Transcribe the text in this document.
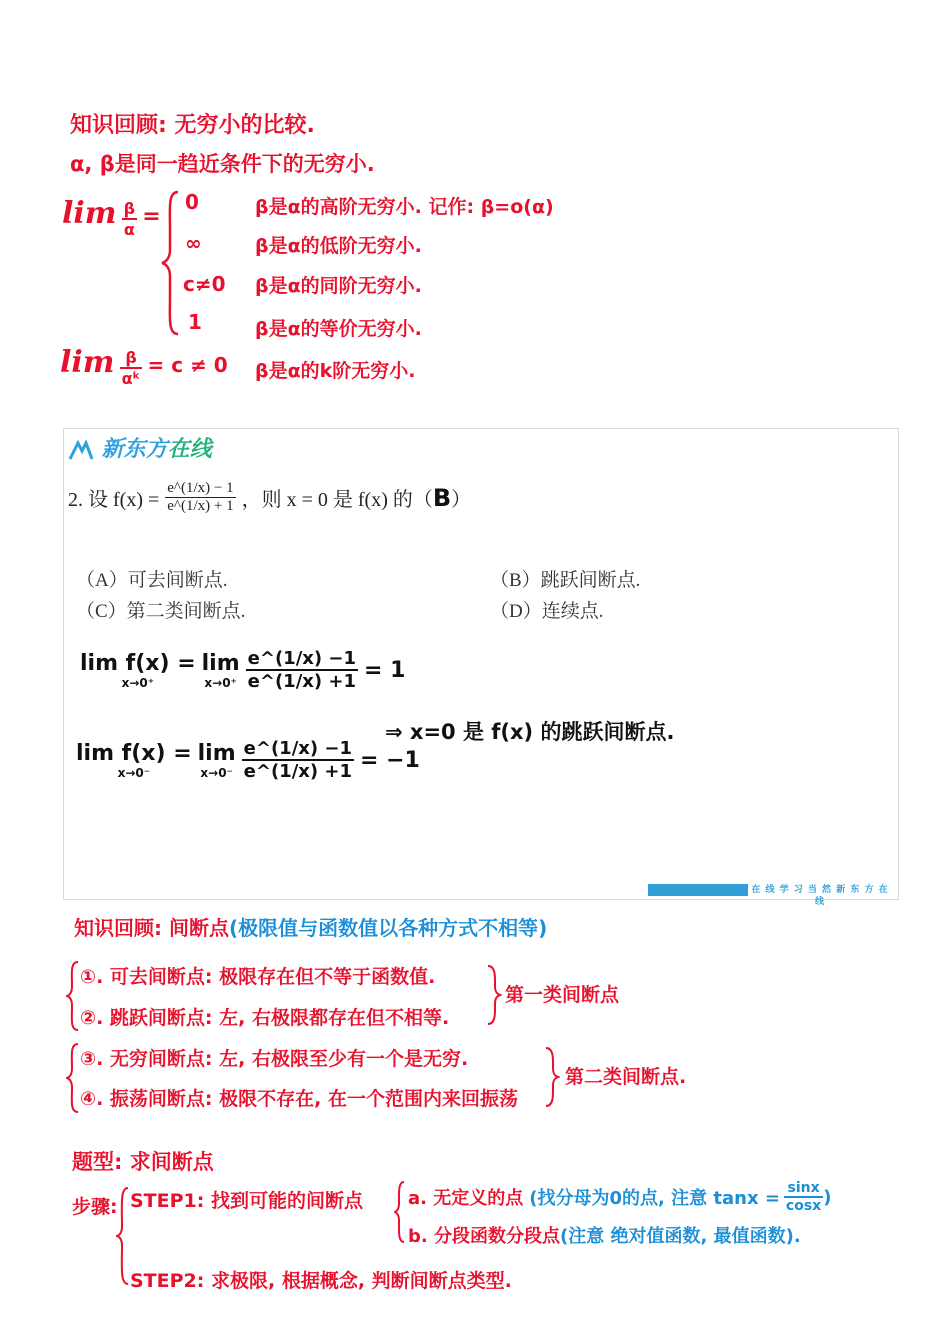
知识回顾: 无穷小的比较.
α, β是同一趋近条件下的无穷小.
$\lim \frac{\beta}{\alpha}$ =
0	β是α的高阶无穷小. 记作: β=o(α)
∞	β是α的低阶无穷小.
c≠0 β是α的同阶无穷小.
1	β是α的等价无穷小.
$\lim \frac{\beta}{\text{αᵏ}} = c \ne 0$ β是α的k阶无穷小.
新东方在线
2. 设 $f(x) = \frac{e\^{}(1/x) - 1}{e\^{}(1/x) + 1}$ ，则 x = 0 是 f(x) 的（ B ）
（A）可去间断点.	（B）跳跃间断点.
（C）第二类间断点.	（D）连续点.
lim f(x) =
x→0⁺
lim
$x\to 0^+ \frac{e\^{}(1/x) -1}{e\^{}(1/x) +1} = 1$
lim f(x) =
x→0⁻
lim
$x\to 0^- \frac{e\^{}(1/x) -1}{e\^{}(1/x) +1} = -1$
⇒ x=0 是 f(x) 的跳跃间断点.
在 线 学 习 当 然 新 东 方 在 线
知识回顾: 间断点(极限值与函数值以各种方式不相等)
①. 可去间断点: 极限存在但不等于函数值.
②. 跳跃间断点: 左, 右极限都存在但不相等.
③. 无穷间断点: 左, 右极限至少有一个是无穷.
④. 振荡间断点: 极限不存在, 在一个范围内来回振荡
第一类间断点
第二类间断点.
题型: 求间断点
步骤: STEP1: 找到可能的间断点	a. 无定义的点 (找分母为0的点, 注意 $\tan x = \frac{\sin x}{\cos x}$ )
b. 分段函数分段点(注意 绝对值函数, 最值函数).
STEP2: 求极限, 根据概念, 判断间断点类型.
